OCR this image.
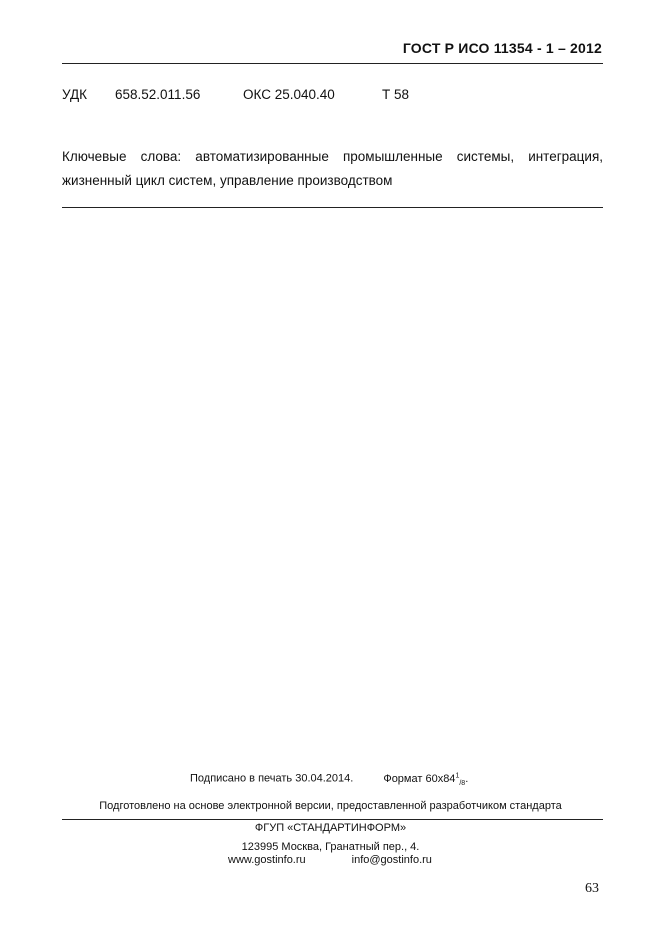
ГОСТ Р ИСО 11354 - 1 – 2012
УДК 658.52.011.56	ОКС 25.040.40	Т 58
Ключевые слова: автоматизированные промышленные системы, интеграция,
жизненный цикл систем, управление производством
Подписано в печать 30.04.2014.	Формат $60х84^1_{/8}$.
Подготовлено на основе электронной версии, предоставленной разработчиком стандарта
ФГУП «СТАНДАРТИНФОРМ»
123995 Москва, Гранатный пер., 4.
www.gostinfo.ru	info@gostinfo.ru
63
